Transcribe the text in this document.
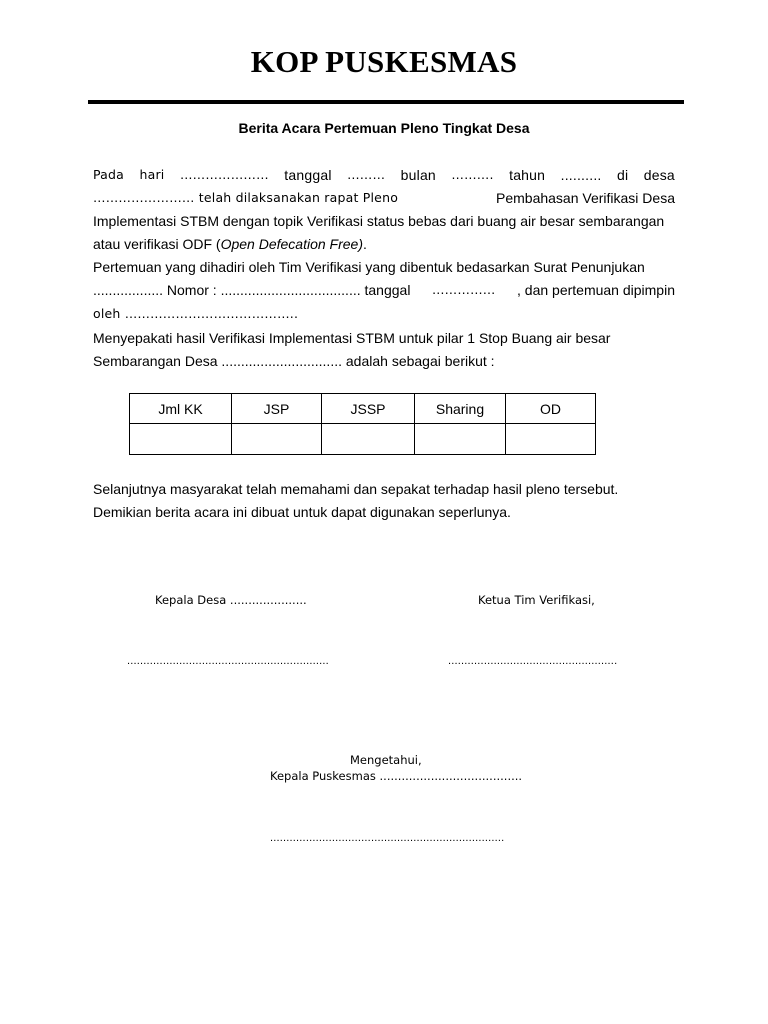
KOP PUSKESMAS
Berita Acara Pertemuan Pleno Tingkat Desa
Pada hari ………………… tanggal ……… bulan ………. tahun .......... di desa
…………………… telah dilaksanakan rapat Pleno	Pembahasan Verifikasi Desa
Implementasi STBM dengan topik Verifikasi status bebas dari buang air besar sembarangan
atau verifikasi ODF (Open Defecation Free).
Pertemuan yang dihadiri oleh Tim Verifikasi yang dibentuk bedasarkan Surat Penunjukan
.................. Nomor : .................................... tanggal …………… , dan pertemuan dipimpin
oleh …………………………………..
Menyepakati hasil Verifikasi Implementasi STBM untuk pilar 1 Stop Buang air besar
Sembarangan Desa ............................... adalah sebagai berikut :
Jml KK	JSP	JSSP	Sharing	OD

Selanjutnya masyarakat telah memahami dan sepakat terhadap hasil pleno tersebut.
Demikian berita acara ini dibuat untuk dapat digunakan seperlunya.
Kepala Desa .....................	Ketua Tim Verifikasi,
..............................................................	....................................................
Mengetahui,
Kepala Puskesmas .......................................
........................................................................
